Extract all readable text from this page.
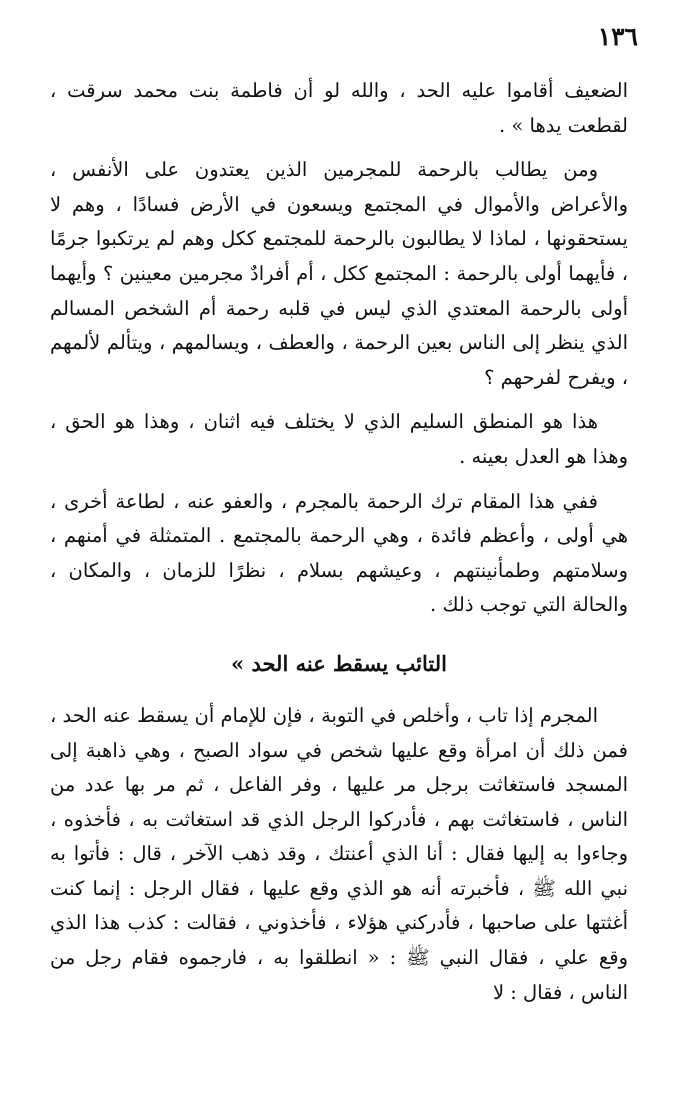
١٣٦

الضعيف أقاموا عليه الحد ، والله لو أن فاطمة بنت محمد سرقت ، لقطعت يدها » .

ومن يطالب بالرحمة للمجرمين الذين يعتدون على الأنفس ، والأعراض والأموال في المجتمع ويسعون في الأرض فسادًا ، وهم لا يستحقونها ، لماذا لا يطالبون بالرحمة للمجتمع ككل وهم لم يرتكبوا جرمًا ، فأيهما أولى بالرحمة : المجتمع ككل ، أم أفرادٌ مجرمين معينين ؟ وأيهما أولى بالرحمة المعتدي الذي ليس في قلبه رحمة أم الشخص المسالم الذي ينظر إلى الناس بعين الرحمة ، والعطف ، ويسالمهم ، ويتألم لألمهم ، ويفرح لفرحهم ؟

هذا هو المنطق السليم الذي لا يختلف فيه اثنان ، وهذا هو الحق ، وهذا هو العدل بعينه .

ففي هذا المقام ترك الرحمة بالمجرم ، والعفو عنه ، لطاعة أخرى ، هي أولى ، وأعظم فائدة ، وهي الرحمة بالمجتمع . المتمثلة في أمنهم ، وسلامتهم وطمأنينتهم ، وعيشهم بسلام ، نظرًا للزمان ، والمكان ، والحالة التي توجب ذلك .

التائب يسقط عنه الحد »

المجرم إذا تاب ، وأخلص في التوبة ، فإن للإمام أن يسقط عنه الحد ، فمن ذلك أن امرأة وقع عليها شخص في سواد الصبح ، وهي ذاهبة إلى المسجد فاستغاثت برجل مر عليها ، وفر الفاعل ، ثم مر بها عدد من الناس ، فاستغاثت بهم ، فأدركوا الرجل الذي قد استغاثت به ، فأخذوه ، وجاءوا به إليها فقال : أنا الذي أعنتك ، وقد ذهب الآخر ، قال : فأتوا به نبي الله ﷺ ، فأخبرته أنه هو الذي وقع عليها ، فقال الرجل : إنما كنت أغثتها على صاحبها ، فأدركني هؤلاء ، فأخذوني ، فقالت : كذب هذا الذي وقع علي ، فقال النبي ﷺ : « انطلقوا به ، فارجموه فقام رجل من الناس ، فقال : لا
